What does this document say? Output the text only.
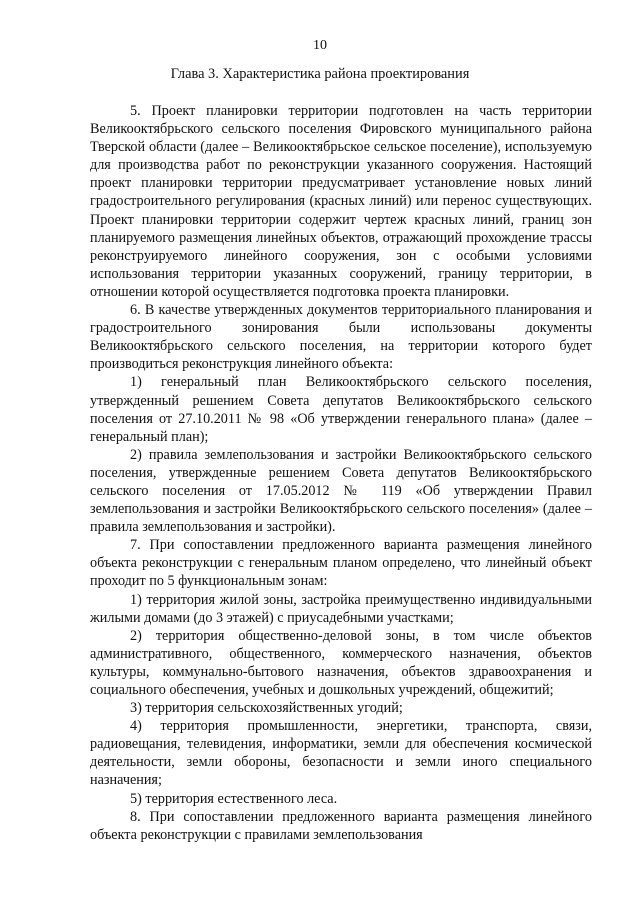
10
Глава 3. Характеристика района проектирования

5. Проект планировки территории подготовлен на часть территории Великооктябрьского сельского поселения Фировского муниципального района Тверской области (далее – Великооктябрьское сельское поселение), используемую для производства работ по реконструкции указанного сооружения. Настоящий проект планировки территории предусматривает установление новых линий градостроительного регулирования (красных линий) или перенос существующих. Проект планировки территории содержит чертеж красных линий, границ зон планируемого размещения линейных объектов, отражающий прохождение трассы реконструируемого линейного сооружения, зон с особыми условиями использования территории указанных сооружений, границу территории, в отношении которой осуществляется подготовка проекта планировки.

6. В качестве утвержденных документов территориального планирования и градостроительного зонирования были использованы документы Великооктябрьского сельского поселения, на территории которого будет производиться реконструкция линейного объекта:

1) генеральный план Великооктябрьского сельского поселения, утвержденный решением Совета депутатов Великооктябрьского сельского поселения от 27.10.2011 № 98 «Об утверждении генерального плана» (далее – генеральный план);

2) правила землепользования и застройки Великооктябрьского сельского поселения, утвержденные решением Совета депутатов Великооктябрьского сельского поселения от 17.05.2012 № 119 «Об утверждении Правил землепользования и застройки Великооктябрьского сельского поселения» (далее – правила землепользования и застройки).

7. При сопоставлении предложенного варианта размещения линейного объекта реконструкции с генеральным планом определено, что линейный объект проходит по 5 функциональным зонам:

1) территория жилой зоны, застройка преимущественно индивидуальными жилыми домами (до 3 этажей) с приусадебными участками;

2) территория общественно-деловой зоны, в том числе объектов административного, общественного, коммерческого назначения, объектов культуры, коммунально-бытового назначения, объектов здравоохранения и социального обеспечения, учебных и дошкольных учреждений, общежитий;

3) территория сельскохозяйственных угодий;

4) территория промышленности, энергетики, транспорта, связи, радиовещания, телевидения, информатики, земли для обеспечения космической деятельности, земли обороны, безопасности и земли иного специального назначения;

5) территория естественного леса.

8. При сопоставлении предложенного варианта размещения линейного объекта реконструкции с правилами землепользования
